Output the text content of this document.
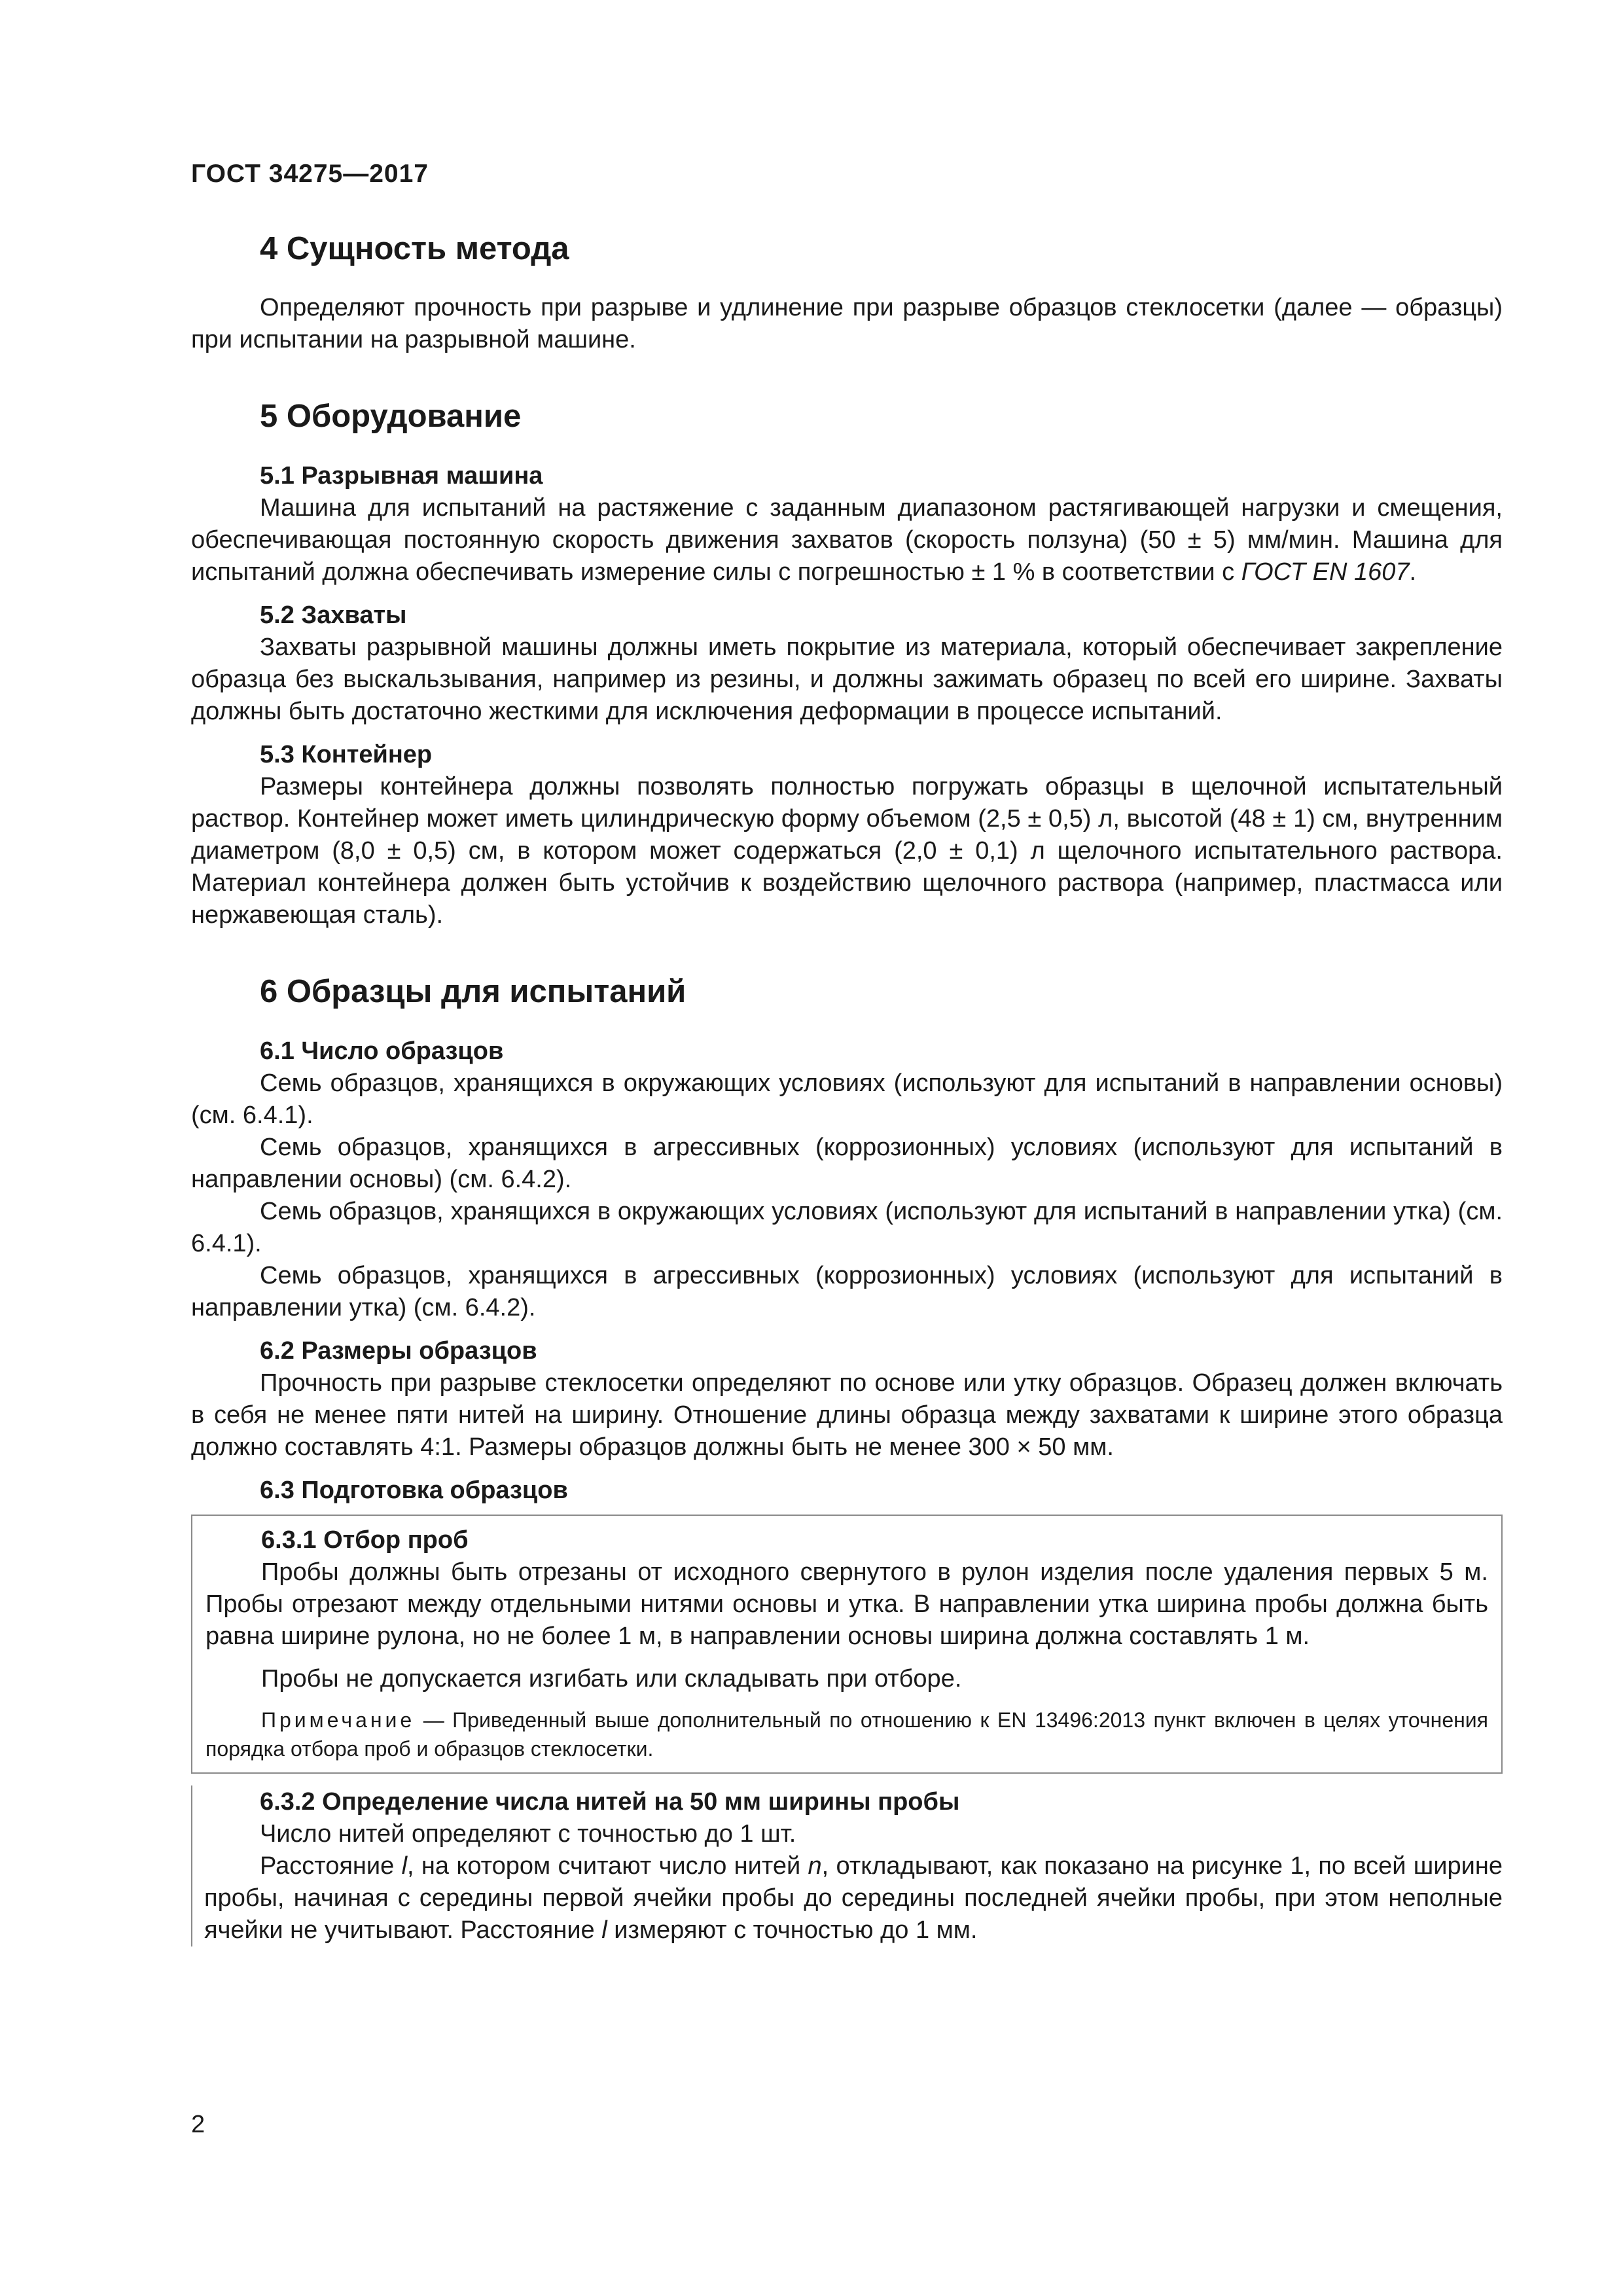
ГОСТ 34275—2017
4 Сущность метода

Определяют прочность при разрыве и удлинение при разрыве образцов стеклосетки (далее — образцы) при испытании на разрывной машине.

5 Оборудование
5.1 Разрывная машина

Машина для испытаний на растяжение с заданным диапазоном растягивающей нагрузки и смещения, обеспечивающая постоянную скорость движения захватов (скорость ползуна) (50 ± 5) мм/мин. Машина для испытаний должна обеспечивать измерение силы с погрешностью ± 1 % в соответствии с ГОСТ EN 1607.

5.2 Захваты

Захваты разрывной машины должны иметь покрытие из материала, который обеспечивает закрепление образца без выскальзывания, например из резины, и должны зажимать образец по всей его ширине. Захваты должны быть достаточно жесткими для исключения деформации в процессе испытаний.

5.3 Контейнер

Размеры контейнера должны позволять полностью погружать образцы в щелочной испытательный раствор. Контейнер может иметь цилиндрическую форму объемом (2,5 ± 0,5) л, высотой (48 ± 1) см, внутренним диаметром (8,0 ± 0,5) см, в котором может содержаться (2,0 ± 0,1) л щелочного испытательного раствора. Материал контейнера должен быть устойчив к воздействию щелочного раствора (например, пластмасса или нержавеющая сталь).

6 Образцы для испытаний
6.1 Число образцов

Семь образцов, хранящихся в окружающих условиях (используют для испытаний в направлении основы) (см. 6.4.1).

Семь образцов, хранящихся в агрессивных (коррозионных) условиях (используют для испытаний в направлении основы) (см. 6.4.2).

Семь образцов, хранящихся в окружающих условиях (используют для испытаний в направлении утка) (см. 6.4.1).

Семь образцов, хранящихся в агрессивных (коррозионных) условиях (используют для испытаний в направлении утка) (см. 6.4.2).

6.2 Размеры образцов

Прочность при разрыве стеклосетки определяют по основе или утку образцов. Образец должен включать в себя не менее пяти нитей на ширину. Отношение длины образца между захватами к ширине этого образца должно составлять 4:1. Размеры образцов должны быть не менее 300 × 50 мм.

6.3 Подготовка образцов
6.3.1 Отбор проб

Пробы должны быть отрезаны от исходного свернутого в рулон изделия после удаления первых 5 м. Пробы отрезают между отдельными нитями основы и утка. В направлении утка ширина пробы должна быть равна ширине рулона, но не более 1 м, в направлении основы ширина должна составлять 1 м.

Пробы не допускается изгибать или складывать при отборе.

Примечание — Приведенный выше дополнительный по отношению к EN 13496:2013 пункт включен в целях уточнения порядка отбора проб и образцов стеклосетки.
6.3.2 Определение числа нитей на 50 мм ширины пробы

Число нитей определяют с точностью до 1 шт.

Расстояние l, на котором считают число нитей n, откладывают, как показано на рисунке 1, по всей ширине пробы, начиная с середины первой ячейки пробы до середины последней ячейки пробы, при этом неполные ячейки не учитывают. Расстояние l измеряют с точностью до 1 мм.

2
